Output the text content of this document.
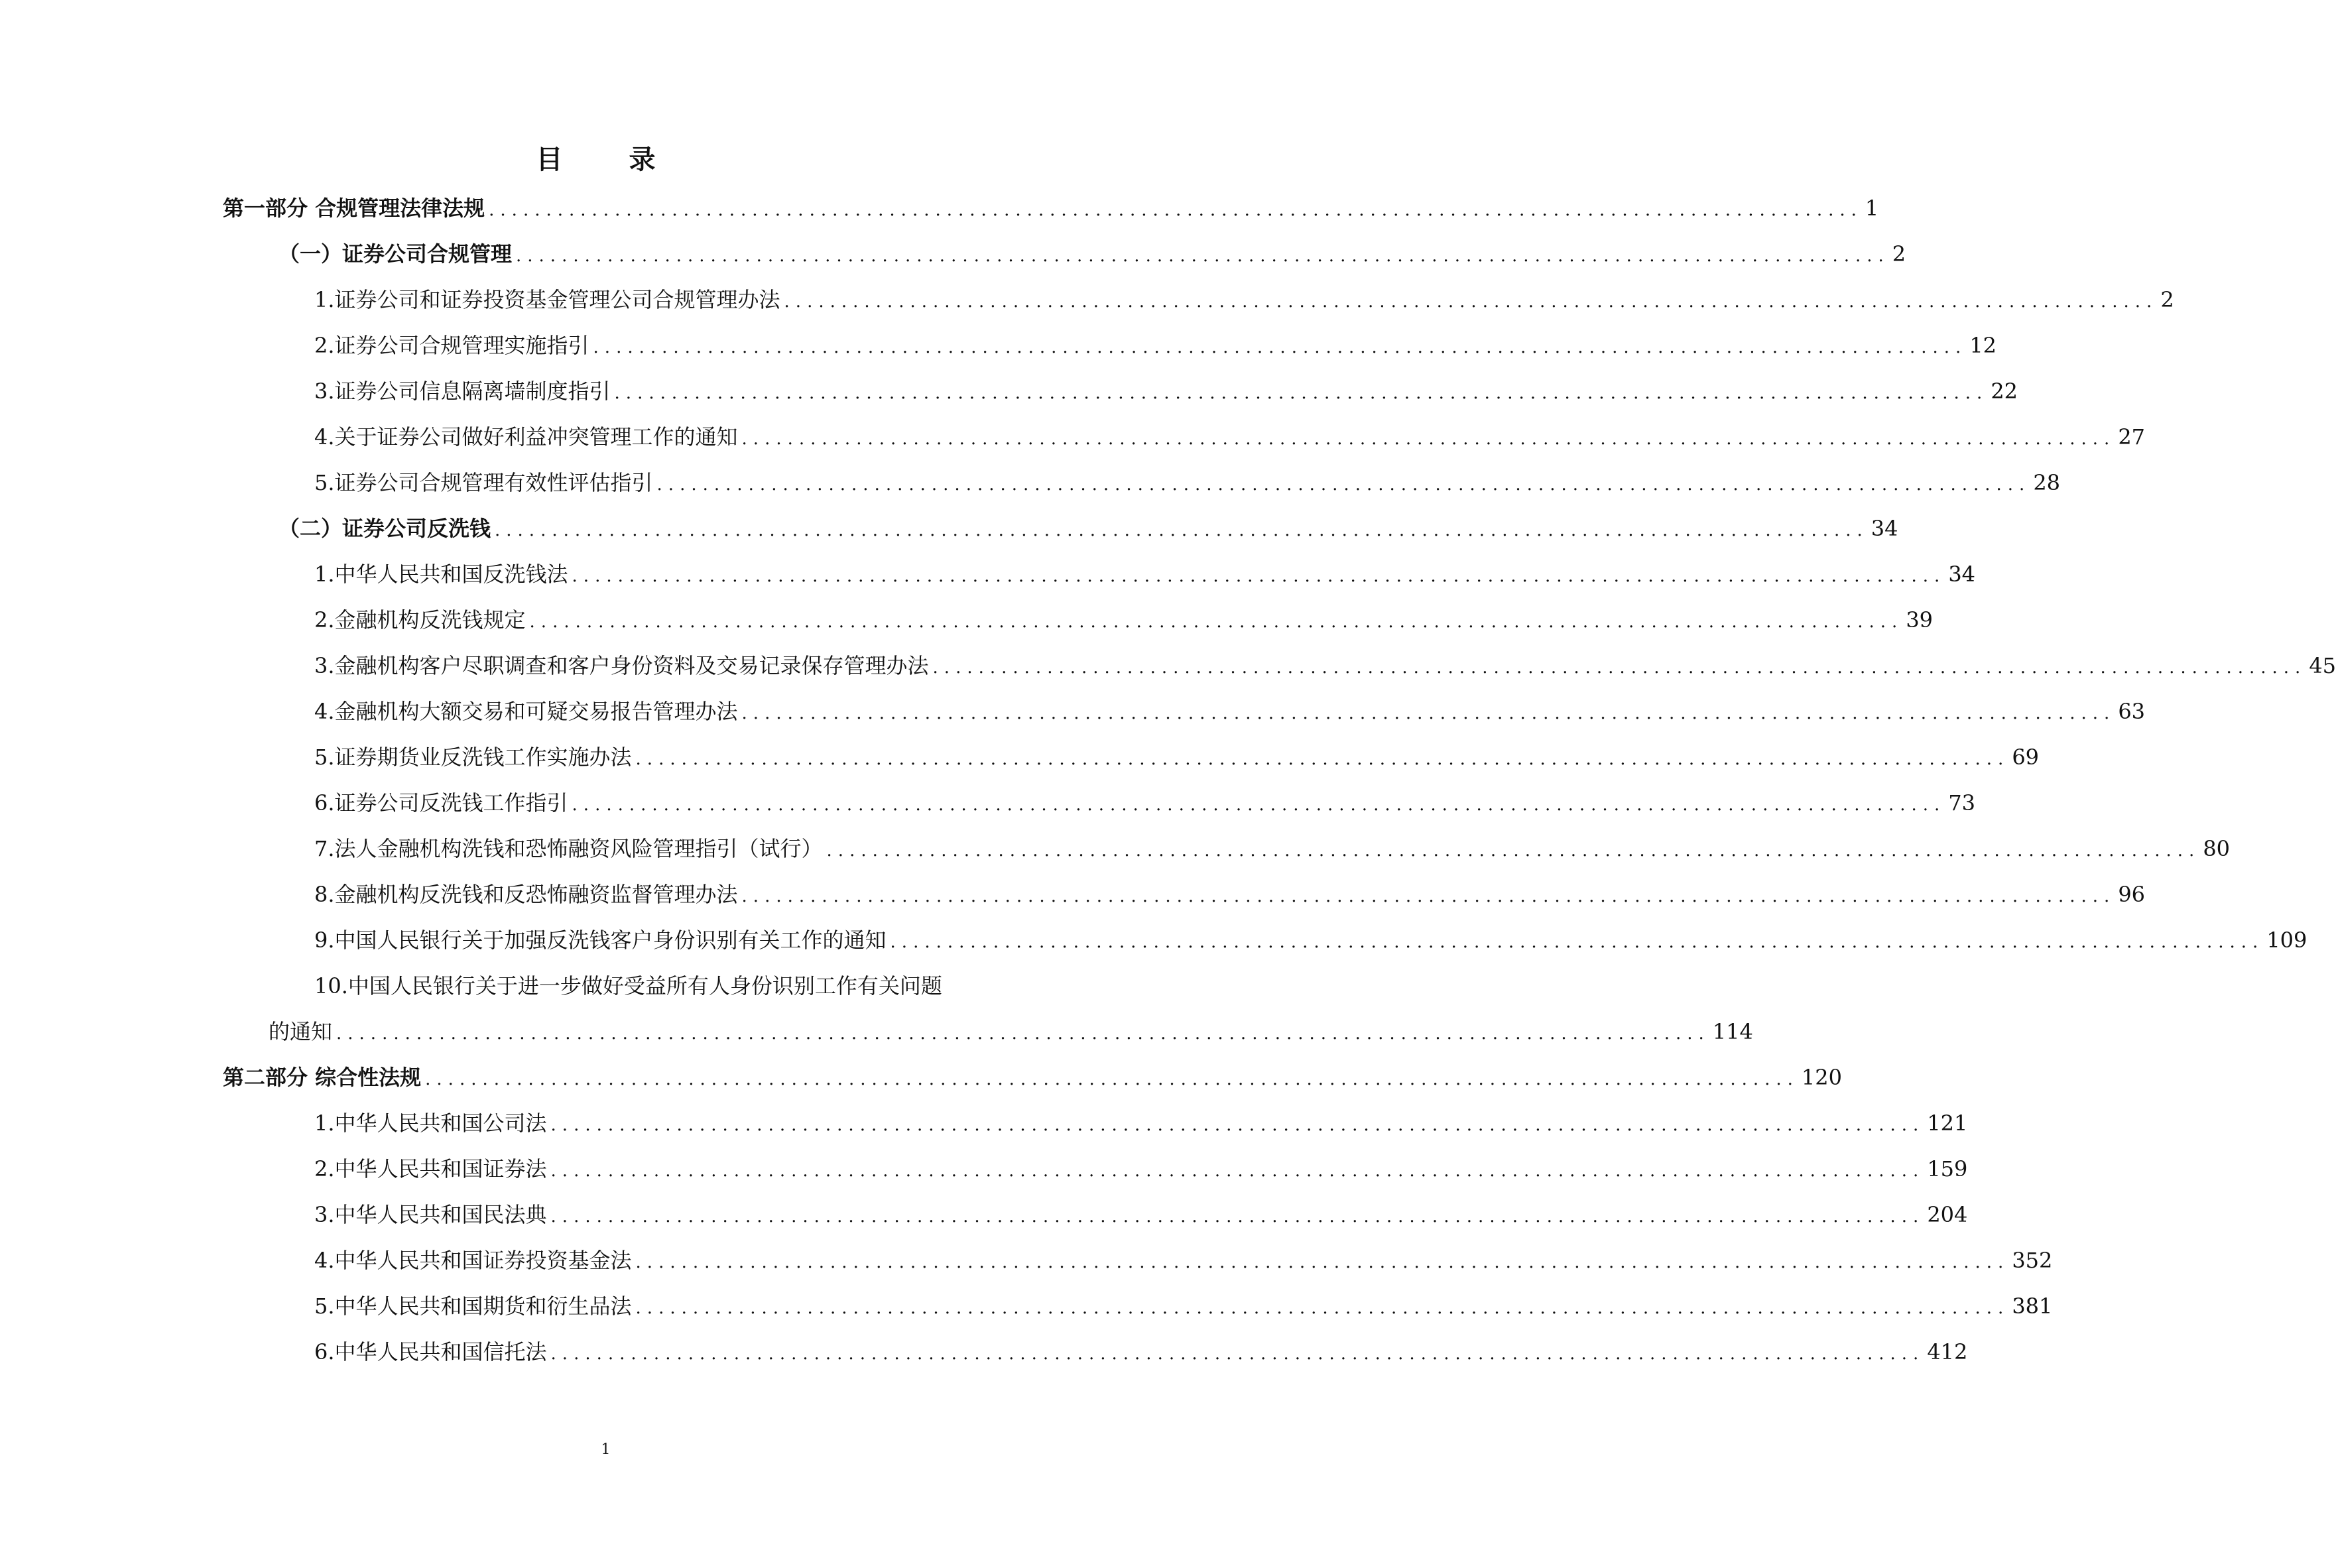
目　录
第一部分 合规管理法律法规 ........................................................................................................................ 1
（一）证券公司合规管理 ........................................................................................................................ 2
1.证券公司和证券投资基金管理公司合规管理办法 ........................................................................................................................ 2
2.证券公司合规管理实施指引 ........................................................................................................................ 12
3.证券公司信息隔离墙制度指引 ........................................................................................................................ 22
4.关于证券公司做好利益冲突管理工作的通知 ........................................................................................................................ 27
5.证券公司合规管理有效性评估指引 ........................................................................................................................ 28
（二）证券公司反洗钱 ........................................................................................................................ 34
1.中华人民共和国反洗钱法 ........................................................................................................................ 34
2.金融机构反洗钱规定 ........................................................................................................................ 39
3.金融机构客户尽职调查和客户身份资料及交易记录保存管理办法 ........................................................................................................................ 45
4.金融机构大额交易和可疑交易报告管理办法 ........................................................................................................................ 63
5.证券期货业反洗钱工作实施办法 ........................................................................................................................ 69
6.证券公司反洗钱工作指引 ........................................................................................................................ 73
7.法人金融机构洗钱和恐怖融资风险管理指引（试行） ........................................................................................................................ 80
8.金融机构反洗钱和反恐怖融资监督管理办法 ........................................................................................................................ 96
9.中国人民银行关于加强反洗钱客户身份识别有关工作的通知 ........................................................................................................................ 109
10.中国人民银行关于进一步做好受益所有人身份识别工作有关问题
的通知 ........................................................................................................................ 114
第二部分 综合性法规 ........................................................................................................................ 120
1.中华人民共和国公司法 ........................................................................................................................ 121
2.中华人民共和国证券法 ........................................................................................................................ 159
3.中华人民共和国民法典 ........................................................................................................................ 204
4.中华人民共和国证券投资基金法 ........................................................................................................................ 352
5.中华人民共和国期货和衍生品法 ........................................................................................................................ 381
6.中华人民共和国信托法 ........................................................................................................................ 412
1
